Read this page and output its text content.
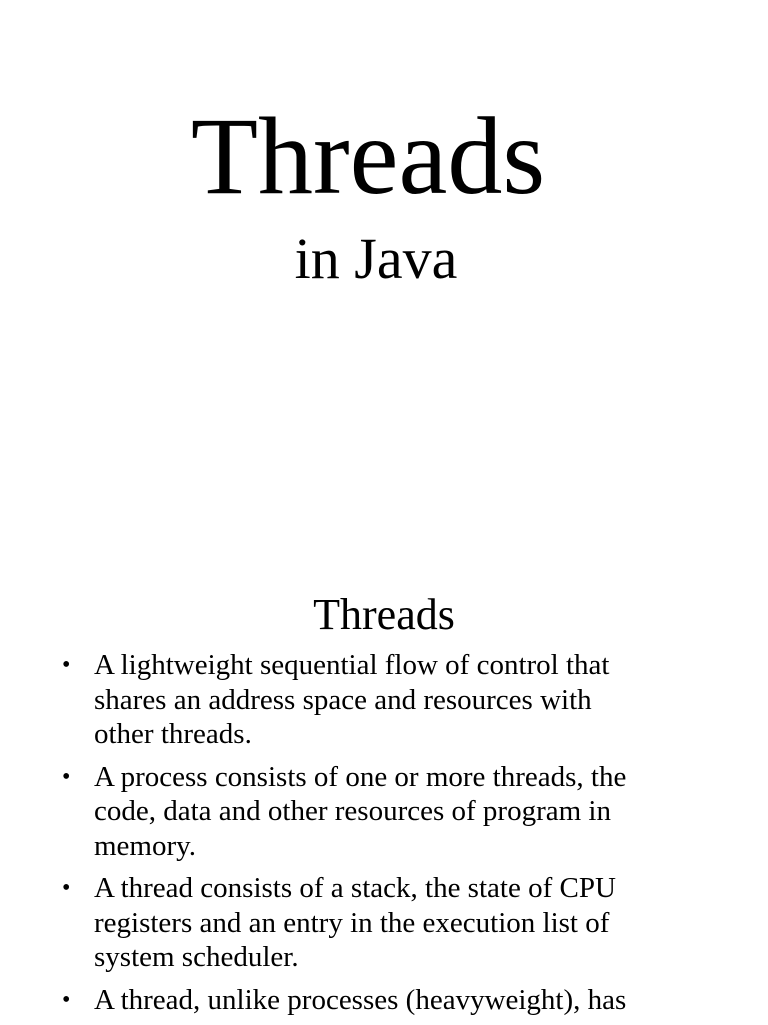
Threads
in Java
Threads
• A lightweight sequential flow of control that
shares an address space and resources with
other threads.
• A process consists of one or more threads, the
code, data and other resources of program in
memory.
• A thread consists of a stack, the state of CPU
registers and an entry in the execution list of
system scheduler.
• A thread, unlike processes (heavyweight), has
